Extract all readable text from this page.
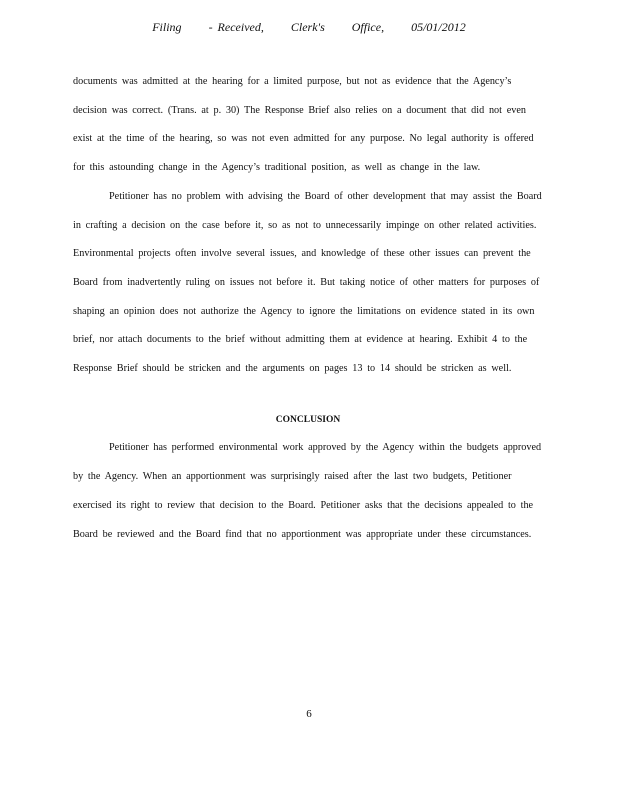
Filing - Received, Clerk's Office, 05/01/2012

documents was admitted at the hearing for a limited purpose, but not as evidence that the Agency’s decision was correct. (Trans. at p. 30) The Response Brief also relies on a document that did not even exist at the time of the hearing, so was not even admitted for any purpose. No legal authority is offered for this astounding change in the Agency’s traditional position, as well as change in the law.

Petitioner has no problem with advising the Board of other development that may assist the Board in crafting a decision on the case before it, so as not to unnecessarily impinge on other related activities. Environmental projects often involve several issues, and knowledge of these other issues can prevent the Board from inadvertently ruling on issues not before it. But taking notice of other matters for purposes of shaping an opinion does not authorize the Agency to ignore the limitations on evidence stated in its own brief, nor attach documents to the brief without admitting them at evidence at hearing. Exhibit 4 to the Response Brief should be stricken and the arguments on pages 13 to 14 should be stricken as well.

CONCLUSION

Petitioner has performed environmental work approved by the Agency within the budgets approved by the Agency. When an apportionment was surprisingly raised after the last two budgets, Petitioner exercised its right to review that decision to the Board. Petitioner asks that the decisions appealed to the Board be reviewed and the Board find that no apportionment was appropriate under these circumstances.

6
